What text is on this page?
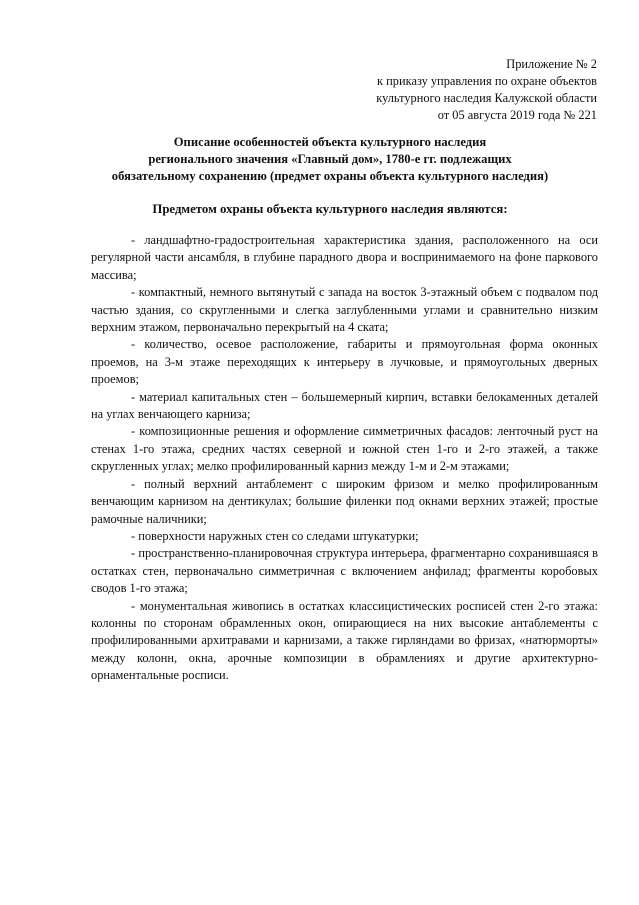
Приложение № 2
к приказу управления по охране объектов
культурного наследия Калужской области
от 05 августа 2019 года № 221
Описание особенностей объекта культурного наследия
регионального значения «Главный дом», 1780-е гг. подлежащих
обязательному сохранению (предмет охраны объекта культурного наследия)
Предметом охраны объекта культурного наследия являются:

- ландшафтно-градостроительная характеристика здания, расположенного на оси регулярной части ансамбля, в глубине парадного двора и воспринимаемого на фоне паркового массива;

- компактный, немного вытянутый с запада на восток 3-этажный объем с подвалом под частью здания, со скругленными и слегка заглубленными углами и сравнительно низким верхним этажом, первоначально перекрытый на 4 ската;

- количество, осевое расположение, габариты и прямоугольная форма оконных проемов, на 3-м этаже переходящих к интерьеру в лучковые, и прямоугольных дверных проемов;

- материал капитальных стен – большемерный кирпич, вставки белокаменных деталей на углах венчающего карниза;

- композиционные решения и оформление симметричных фасадов: ленточный руст на стенах 1-го этажа, средних частях северной и южной стен 1-го и 2-го этажей, а также скругленных углах; мелко профилированный карниз между 1-м и 2-м этажами;

- полный верхний антаблемент с широким фризом и мелко профилированным венчающим карнизом на дентикулах; большие филенки под окнами верхних этажей; простые рамочные наличники;

- поверхности наружных стен со следами штукатурки;

- пространственно-планировочная структура интерьера, фрагментарно сохранившаяся в остатках стен, первоначально симметричная с включением анфилад; фрагменты коробовых сводов 1-го этажа;

- монументальная живопись в остатках классицистических росписей стен 2-го этажа: колонны по сторонам обрамленных окон, опирающиеся на них высокие антаблементы с профилированными архитравами и карнизами, а также гирляндами во фризах, «натюрморты» между колонн, окна, арочные композиции в обрамлениях и другие архитектурно-орнаментальные росписи.
